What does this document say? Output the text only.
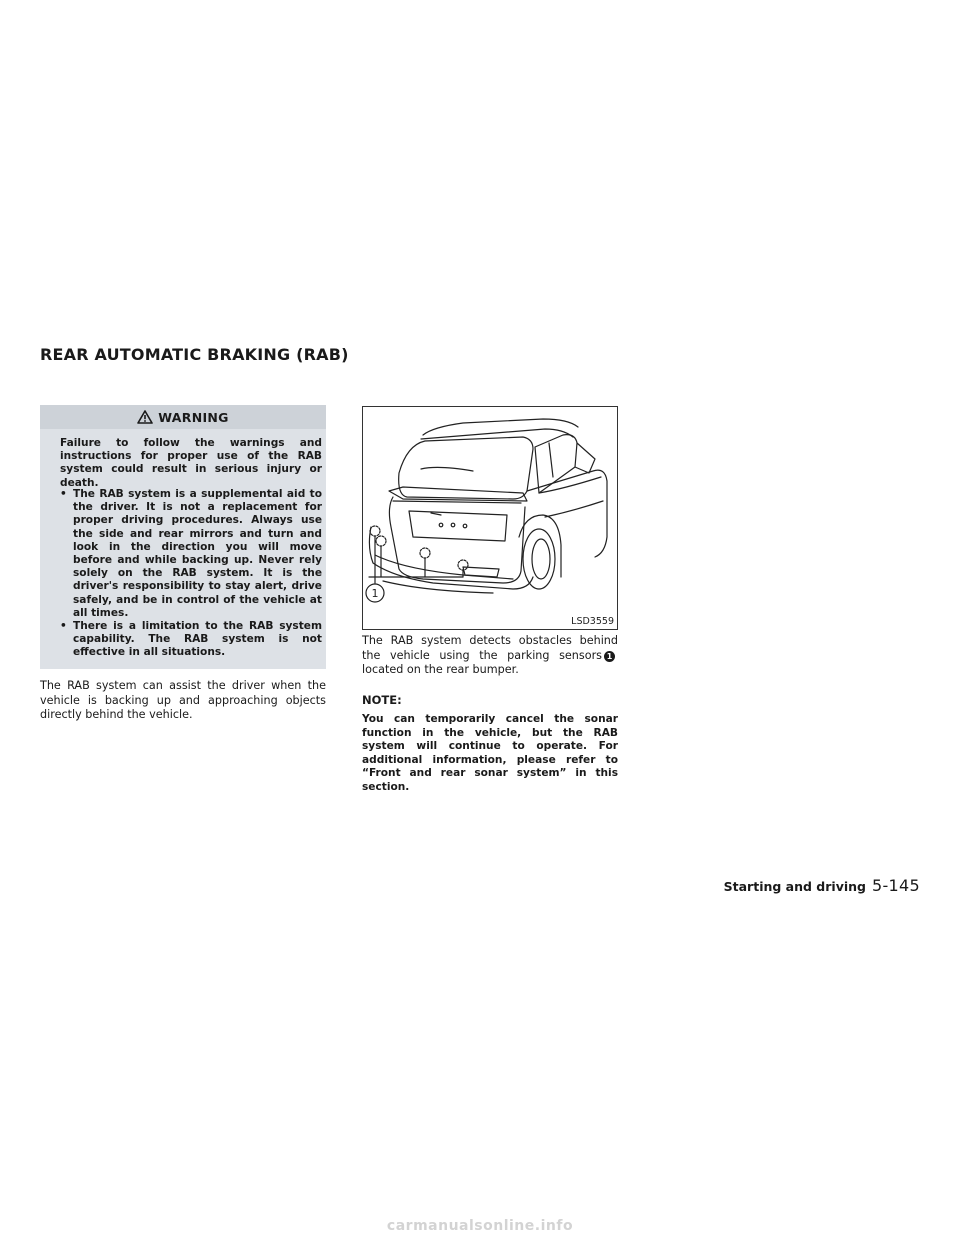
REAR AUTOMATIC BRAKING (RAB)
WARNING

Failure to follow the warnings and instructions for proper use of the RAB system could result in serious injury or death.

• The RAB system is a supplemental aid to the driver. It is not a replacement for proper driving procedures. Always use the side and rear mirrors and turn and look in the direction you will move before and while backing up. Never rely solely on the RAB system. It is the driver's responsibility to stay alert, drive safely, and be in control of the vehicle at all times.
• There is a limitation to the RAB system capability. The RAB system is not effective in all situations.

The RAB system can assist the driver when the vehicle is backing up and approaching objects directly behind the vehicle.

1
LSD3559

The RAB system detects obstacles behind the vehicle using the parking sensors 1located on the rear bumper.

NOTE:

You can temporarily cancel the sonar function in the vehicle, but the RAB system will continue to operate. For additional information, please refer to “Front and rear sonar system” in this section.

Starting and driving 5-145
carmanualsonline.info
